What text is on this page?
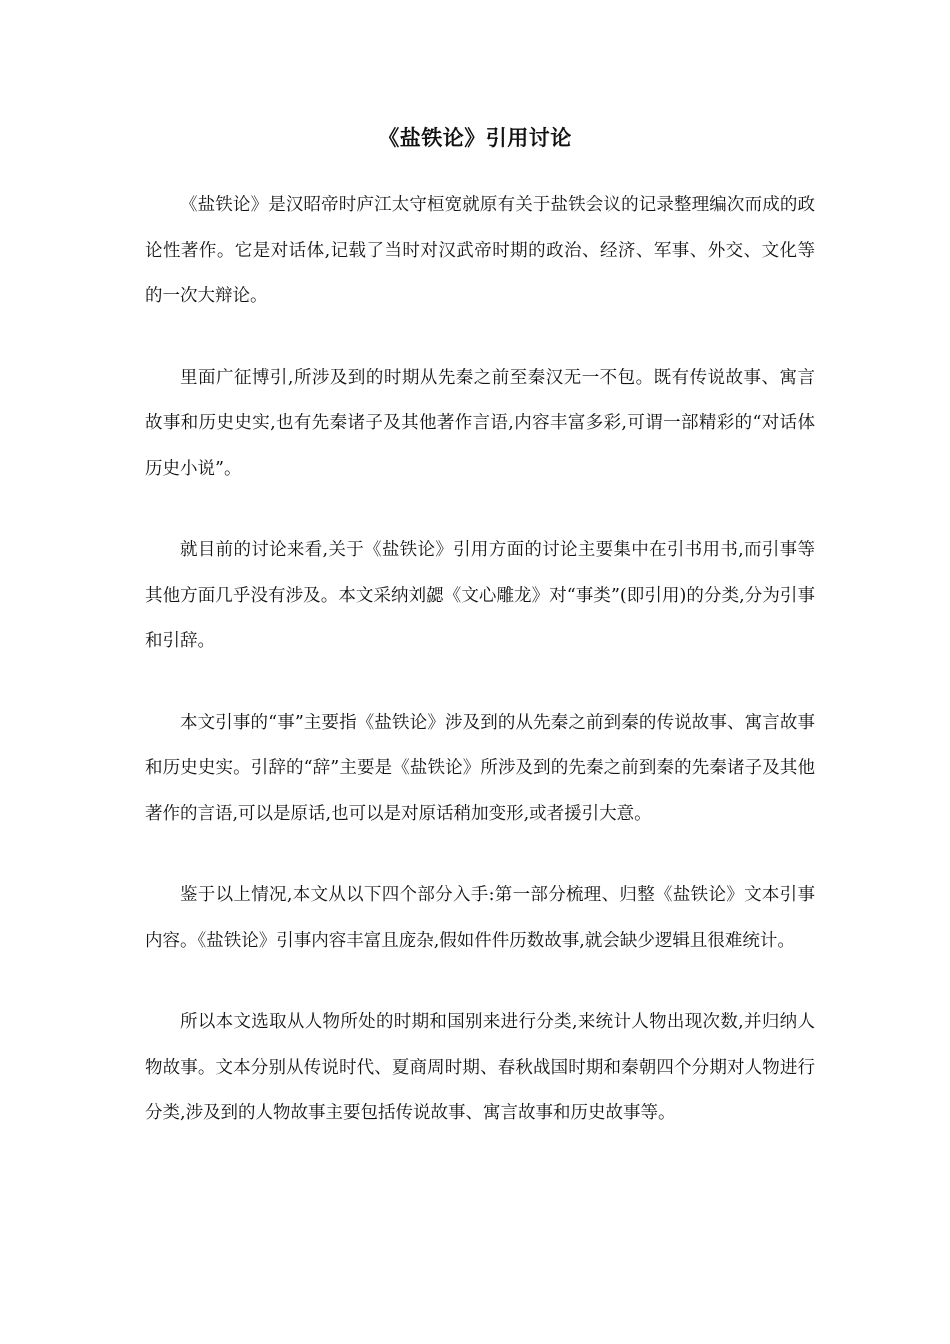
《盐铁论》引用讨论

《盐铁论》是汉昭帝时庐江太守桓宽就原有关于盐铁会议的记录整理编次而成的政论性著作。它是对话体,记载了当时对汉武帝时期的政治、经济、军事、外交、文化等的一次大辩论。

里面广征博引,所涉及到的时期从先秦之前至秦汉无一不包。既有传说故事、寓言故事和历史史实,也有先秦诸子及其他著作言语,内容丰富多彩,可谓一部精彩的“对话体历史小说”。

就目前的讨论来看,关于《盐铁论》引用方面的讨论主要集中在引书用书,而引事等其他方面几乎没有涉及。本文采纳刘勰《文心雕龙》对“事类”(即引用)的分类,分为引事和引辞。

本文引事的“事”主要指《盐铁论》涉及到的从先秦之前到秦的传说故事、寓言故事和历史史实。引辞的“辞”主要是《盐铁论》所涉及到的先秦之前到秦的先秦诸子及其他著作的言语,可以是原话,也可以是对原话稍加变形,或者援引大意。

鉴于以上情况,本文从以下四个部分入手:第一部分梳理、归整《盐铁论》文本引事内容。《盐铁论》引事内容丰富且庞杂,假如件件历数故事,就会缺少逻辑且很难统计。

所以本文选取从人物所处的时期和国别来进行分类,来统计人物出现次数,并归纳人物故事。文本分别从传说时代、夏商周时期、春秋战国时期和秦朝四个分期对人物进行分类,涉及到的人物故事主要包括传说故事、寓言故事和历史故事等。
